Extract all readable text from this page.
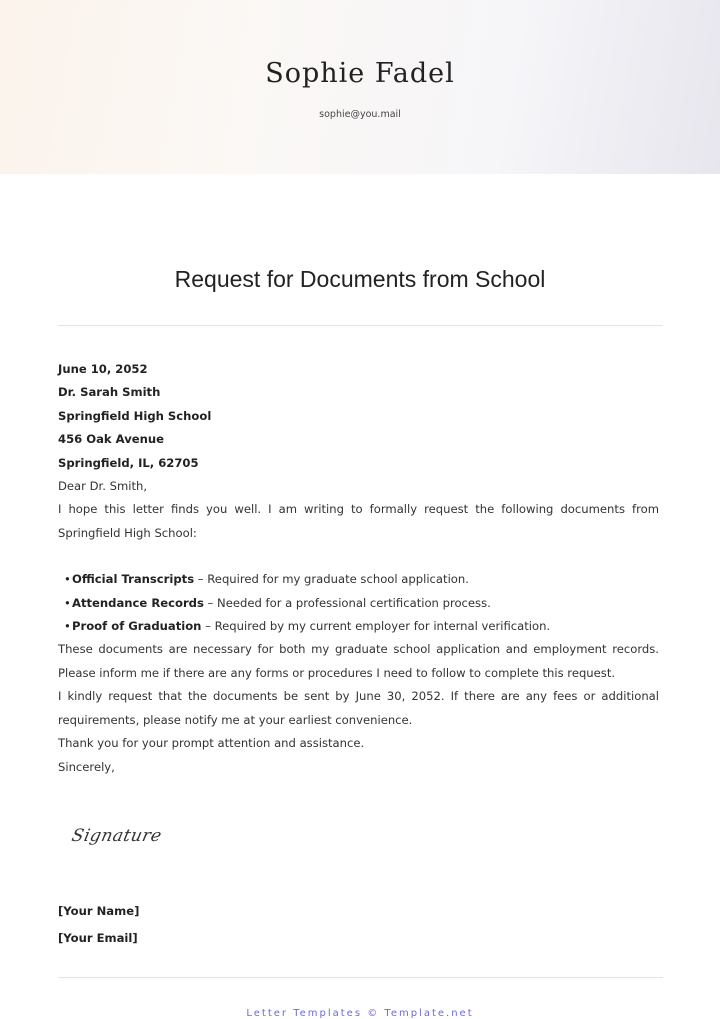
Sophie Fadel
sophie@you.mail
Request for Documents from School

June 10, 2052

Dr. Sarah Smith

Springfield High School

456 Oak Avenue

Springfield, IL, 62705

Dear Dr. Smith,

I hope this letter finds you well. I am writing to formally request the following documents from Springfield High School:

• Official Transcripts – Required for my graduate school application.
• Attendance Records – Needed for a professional certification process.
• Proof of Graduation – Required by my current employer for internal verification.

These documents are necessary for both my graduate school application and employment records. Please inform me if there are any forms or procedures I need to follow to complete this request.

I kindly request that the documents be sent by June 30, 2052. If there are any fees or additional requirements, please notify me at your earliest convenience.

Thank you for your prompt attention and assistance.

Sincerely,

Signature
[Your Name]
[Your Email]
Letter Templates © Template.net
